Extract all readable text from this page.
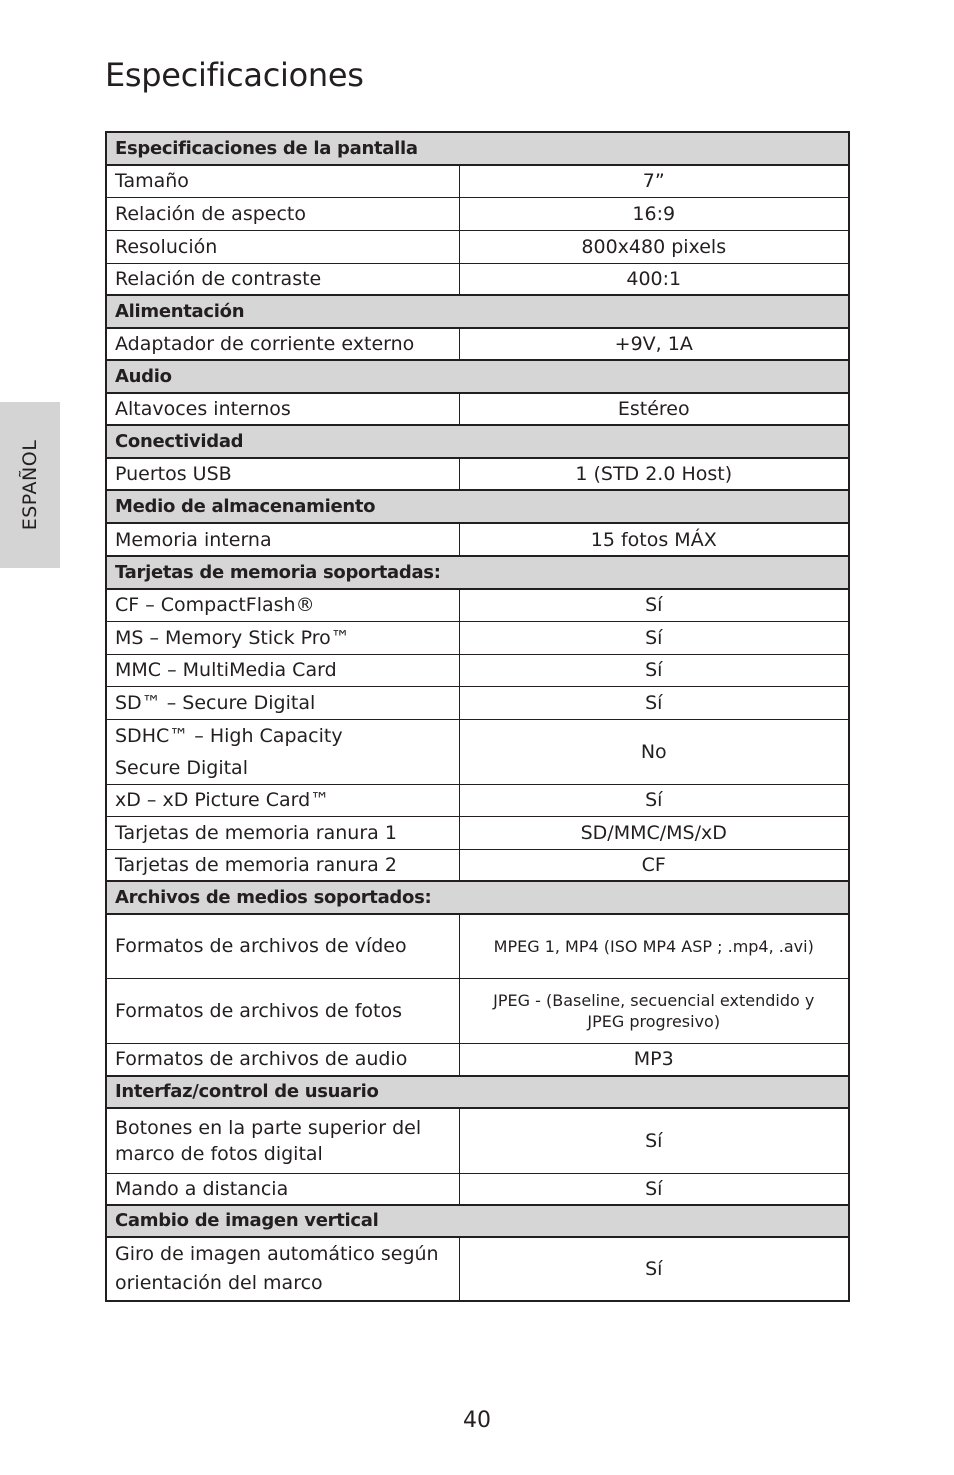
Especificaciones
ESPAÑOL
Especificaciones de la pantalla	
Tamaño	7”
Relación de aspecto	16:9
Resolución	800x480 pixels
Relación de contraste	400:1
Alimentación	
Adaptador de corriente externo	+9V, 1A
Audio	
Altavoces internos	Estéreo
Conectividad	
Puertos USB	1 (STD 2.0 Host)
Medio de almacenamiento	
Memoria interna	15 fotos MÁX
Tarjetas de memoria soportadas:	
CF – CompactFlash®	Sí
MS – Memory Stick Pro™	Sí
MMC – MultiMedia Card	Sí
SD™ – Secure Digital	Sí

SDHC™ – High Capacity
Secure Digital	No
xD – xD Picture Card™	Sí
Tarjetas de memoria ranura 1	SD/MMC/MS/xD
Tarjetas de memoria ranura 2	CF
Archivos de medios soportados:	
Formatos de archivos de vídeo	MPEG 1, MP4 (ISO MP4 ASP ; .mp4, .avi)
Formatos de archivos de fotos	JPEG - (Baseline, secuencial extendido y
JPEG progresivo)

Formatos de archivos de audio	MP3
Interfaz/control de usuario	

Botones en la parte superior del
marco de fotos digital	Sí
Mando a distancia	Sí
Cambio de imagen vertical	

Giro de imagen automático según
orientación del marco	Sí
40
